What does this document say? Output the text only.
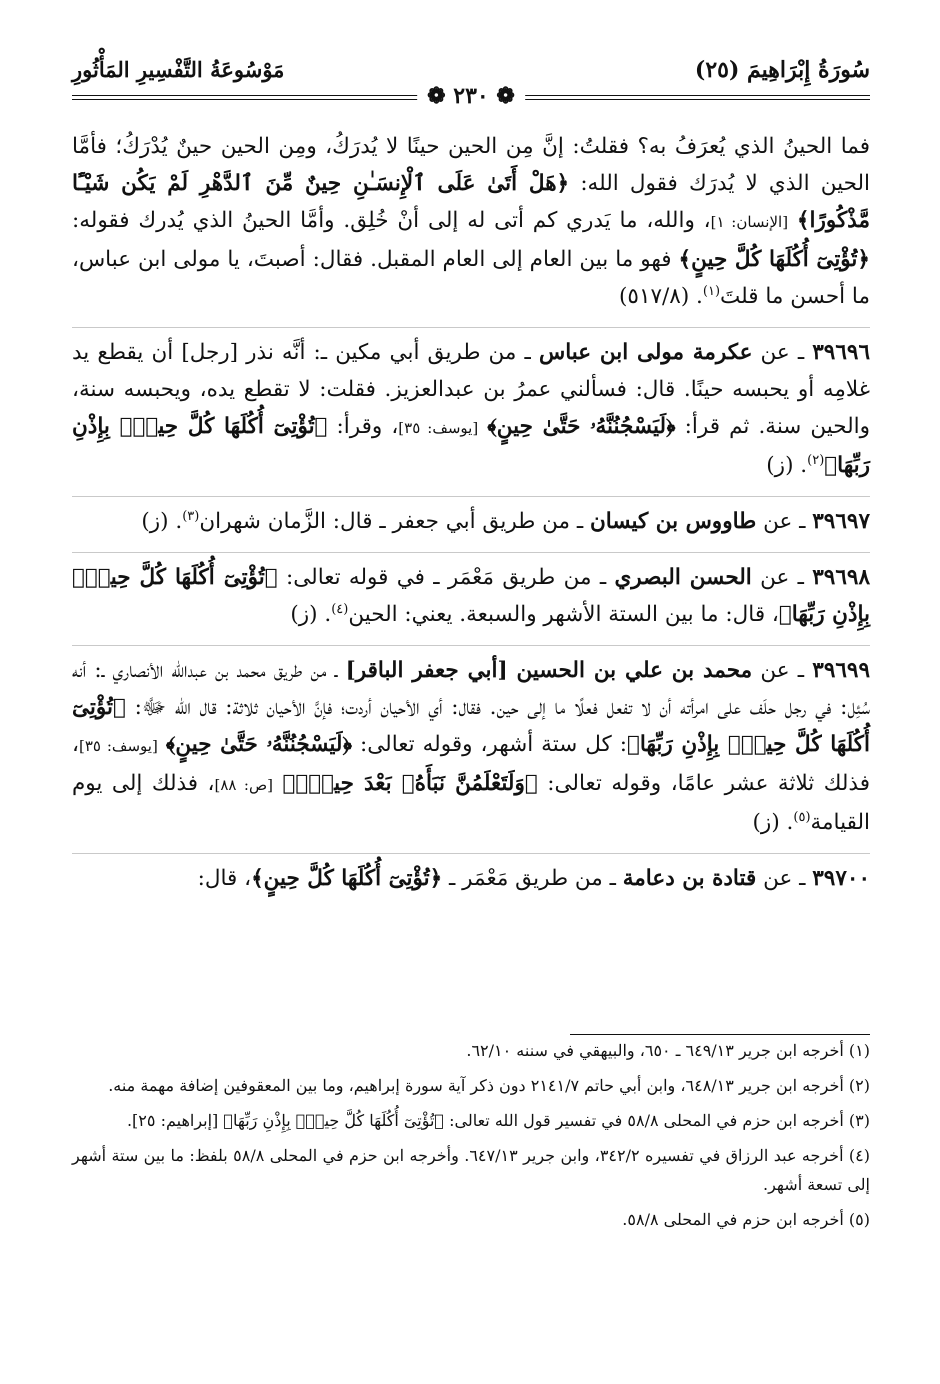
سُورَةُ إِبْرَاهِيمَ (٢٥)
مَوْسُوعَةُ التَّفْسِيرِ المَأْثُورِ
❁ ٢٣٠ ❁

فما الحينُ الذي يُعرَفُ به؟ فقلتُ: إنَّ مِن الحين حينًا لا يُدرَكُ، ومِن الحين حينٌ يُدْرَكُ؛ فأمَّا الحين الذي لا يُدرَك فقول الله: ﴿هَلْ أَتَىٰ عَلَى ٱلْإِنسَـٰنِ حِينٌ مِّنَ ٱلدَّهْرِ لَمْ يَكُن شَيْـًٔا مَّذْكُورًا﴾ [الإنسان: ١]، والله، ما يَدري كم أتى له إلى أنْ خُلِق. وأمَّا الحينُ الذي يُدرك فقوله: ﴿تُؤْتِىٓ أُكُلَهَا كُلَّ حِينٍ﴾ فهو ما بين العام إلى العام المقبل. فقال: أصبتَ، يا مولى ابن عباس، ما أحسن ما قلتَ$^{(١)}$. (٥١٧/٨)

٣٩٦٩٦ ـ عن عكرمة مولى ابن عباس ـ من طريق أبي مكين ـ: أنَّه نذر [رجل] أن يقطع يد غلامِه أو يحبسه حينًا. قال: فسألني عمرُ بن عبدالعزيز. فقلت: لا تقطع يده، ويحبسه سنة، والحين سنة. ثم قرأ: ﴿لَيَسْجُنُنَّهُۥ حَتَّىٰ حِينٍ﴾ [يوسف: ٣٥]، وقرأ: ﴿تُؤْتِىٓ أُكُلَهَا كُلَّ حِينٍۭ بِإِذْنِ رَبِّهَا﴾$^{(٢)}$. (ز)

٣٩٦٩٧ ـ عن طاووس بن كيسان ـ من طريق أبي جعفر ـ قال: الزَّمان شهران$^{(٣)}$. (ز)

٣٩٦٩٨ ـ عن الحسن البصري ـ من طريق مَعْمَر ـ في قوله تعالى: ﴿تُؤْتِىٓ أُكُلَهَا كُلَّ حِينٍۭ بِإِذْنِ رَبِّهَا﴾، قال: ما بين الستة الأشهر والسبعة. يعني: الحين$^{(٤)}$. (ز)

٣٩٦٩٩ ـ عن محمد بن علي بن الحسين [أبي جعفر الباقر] ـ من طريق محمد بن عبدالله الأنصاري ـ: أنه سُئِل: في رجل حلَف على امرأته أن لا تفعل فعلًا ما إلى حين. فقال: أي الأحيان أردت؛ فإنَّ الأحيان ثلاثة: قال الله ﷻ: ﴿تُؤْتِىٓ أُكُلَهَا كُلَّ حِينٍۭ بِإِذْنِ رَبِّهَا﴾: كل ستة أشهر، وقوله تعالى: ﴿لَيَسْجُنُنَّهُۥ حَتَّىٰ حِينٍ﴾ [يوسف: ٣٥]، فذلك ثلاثة عشر عامًا، وقوله تعالى: ﴿وَلَتَعْلَمُنَّ نَبَأَهُۥ بَعْدَ حِينٍۭ﴾ [ص: ٨٨]، فذلك إلى يوم القيامة$^{(٥)}$. (ز)

٣٩٧٠٠ ـ عن قتادة بن دعامة ـ من طريق مَعْمَر ـ ﴿تُؤْتِىٓ أُكُلَهَا كُلَّ حِينٍ﴾، قال:

(١) أخرجه ابن جرير ٦٤٩/١٣ ـ ٦٥٠، والبيهقي في سننه ٦٢/١٠.

(٢) أخرجه ابن جرير ٦٤٨/١٣، وابن أبي حاتم ٢١٤١/٧ دون ذكر آية سورة إبراهيم، وما بين المعقوفين إضافة مهمة منه.

(٣) أخرجه ابن حزم في المحلى ٥٨/٨ في تفسير قول الله تعالى: ﴿تُؤْتِىٓ أُكُلَهَا كُلَّ حِينٍۭ بِإِذْنِ رَبِّهَا﴾ [إبراهيم: ٢٥].

(٤) أخرجه عبد الرزاق في تفسيره ٣٤٢/٢، وابن جرير ٦٤٧/١٣. وأخرجه ابن حزم في المحلى ٥٨/٨ بلفظ: ما بين ستة أشهر إلى تسعة أشهر.

(٥) أخرجه ابن حزم في المحلى ٥٨/٨.
